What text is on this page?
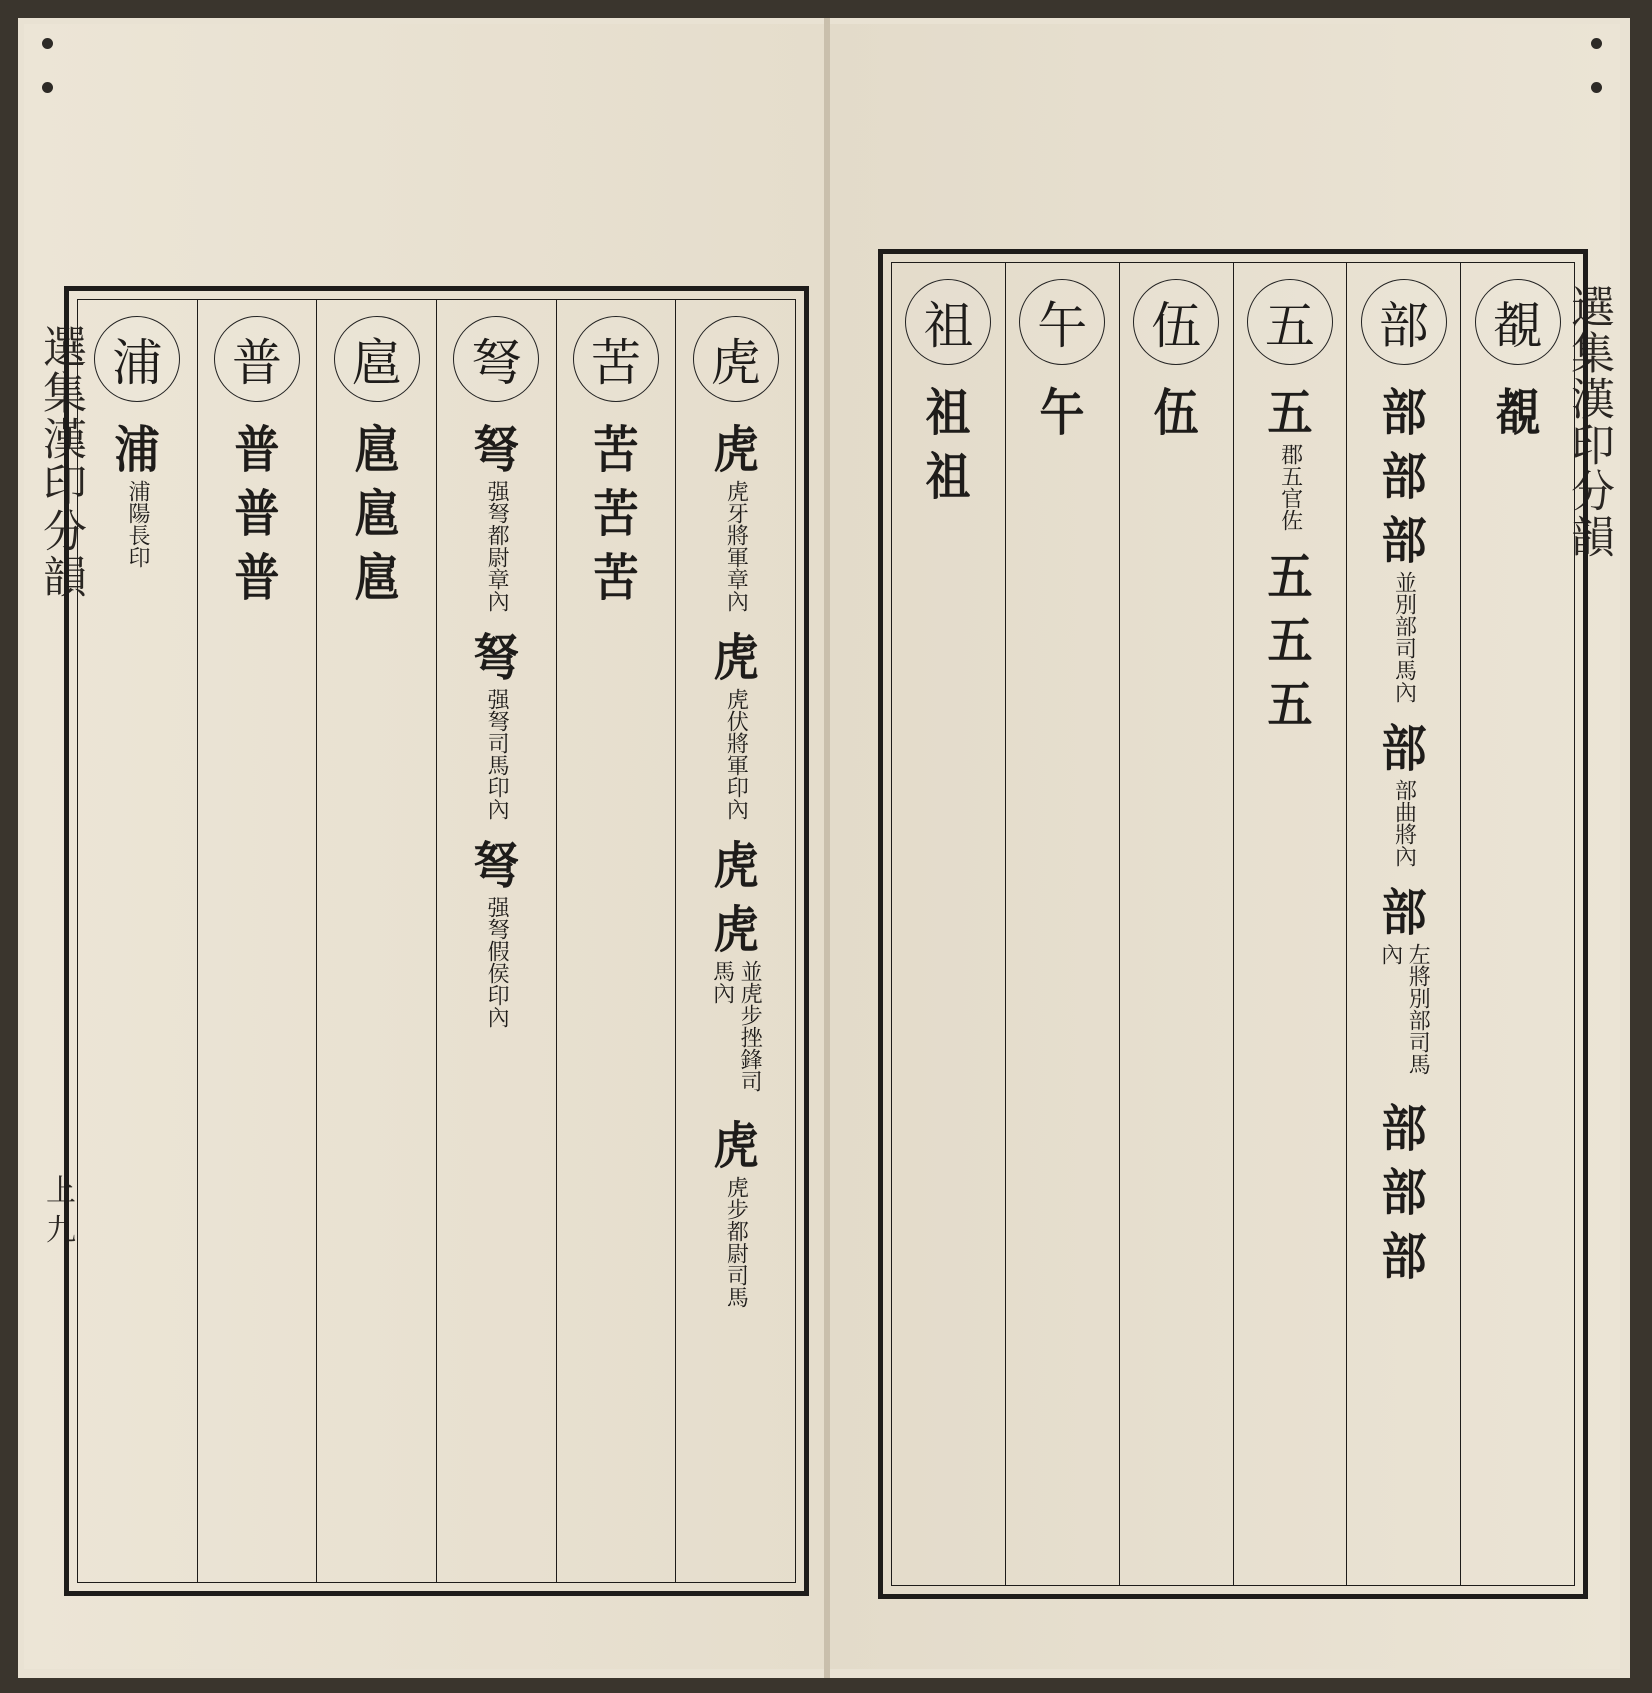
選集漢印分韻
上 九
虎
虎
虎牙將軍章內
虎
虎伏將軍印內
虎
虎
並虎步挫鋒司馬內
虎
虎步都尉司馬
苦
苦
苦
苦
弩
弩
强弩都尉章內
弩
强弩司馬印內
弩
强弩假侯印內
扈
扈
扈
扈
普
普
普
普
浦
浦
浦陽長印	選集漢印分韻
覩
覩
部
部
部
部
並別部司馬內
部
部曲將內
部
左將別部司馬內
部
部
部
五
五
郡五官佐
五
五
五
伍
伍
午
午
祖
祖
祖
